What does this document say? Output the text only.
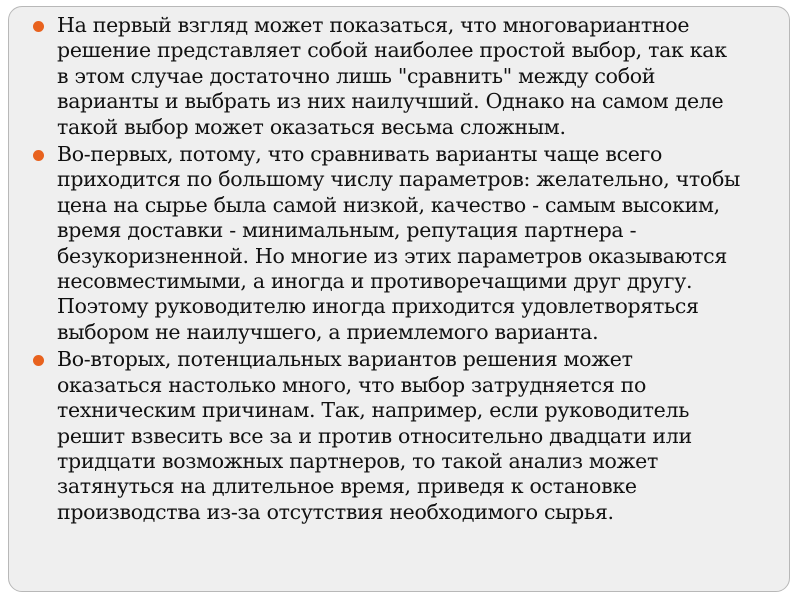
На первый взгляд может показаться, что многовариантное
решение представляет собой наиболее простой выбор, так как
в этом случае достаточно лишь "сравнить" между собой
варианты и выбрать из них наилучший. Однако на самом деле
такой выбор может оказаться весьма сложным.
Во-первых, потому, что сравнивать варианты чаще всего
приходится по большому числу параметров: желательно, чтобы
цена на сырье была самой низкой, качество - самым высоким,
время доставки - минимальным, репутация партнера -
безукоризненной. Но многие из этих параметров оказываются
несовместимыми, а иногда и противоречащими друг другу.
Поэтому руководителю иногда приходится удовлетворяться
выбором не наилучшего, а приемлемого варианта.
Во-вторых, потенциальных вариантов решения может
оказаться настолько много, что выбор затрудняется по
техническим причинам. Так, например, если руководитель
решит взвесить все за и против относительно двадцати или
тридцати возможных партнеров, то такой анализ может
затянуться на длительное время, приведя к остановке
производства из-за отсутствия необходимого сырья.
